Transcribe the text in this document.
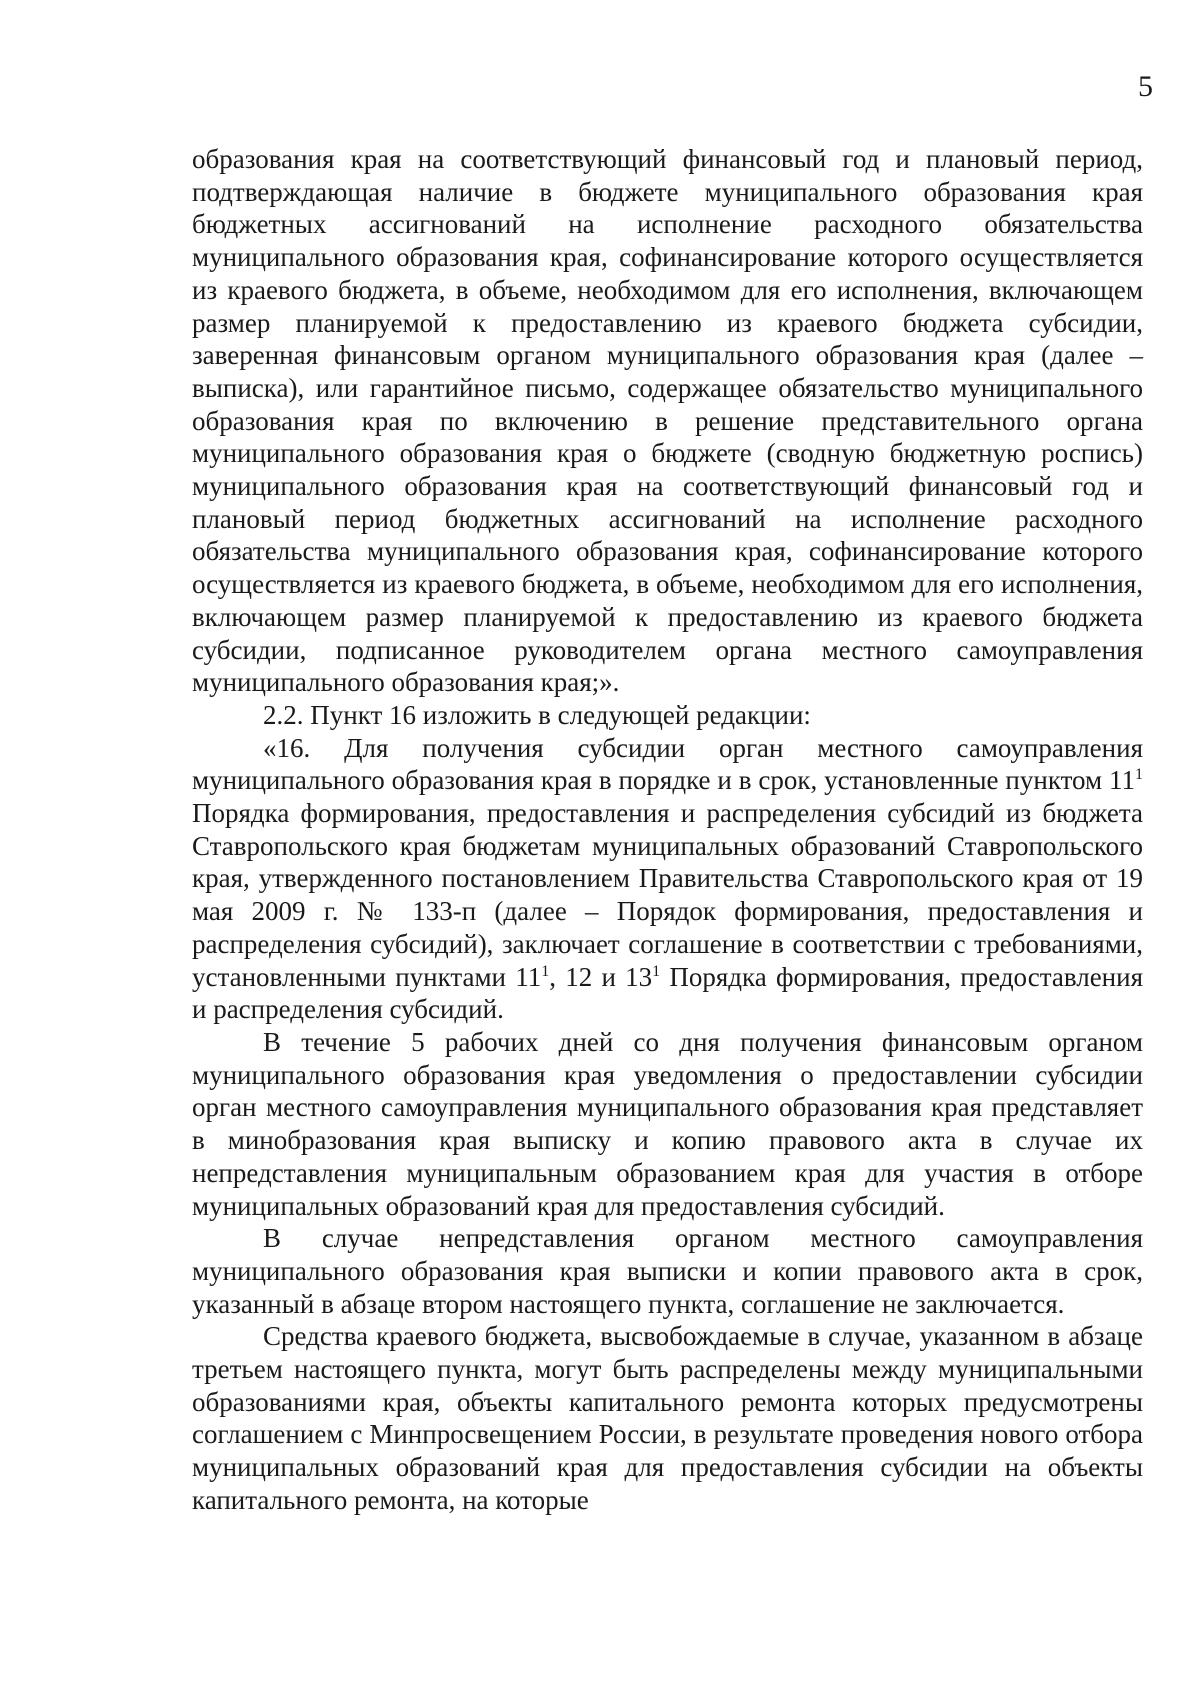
5

образования края на соответствующий финансовый год и плановый период, подтверждающая наличие в бюджете муниципального образования края бюджетных ассигнований на исполнение расходного обязательства муниципального образования края, софинансирование которого осуществляется из краевого бюджета, в объеме, необходимом для его исполнения, включающем размер планируемой к предоставлению из краевого бюджета субсидии, заверенная финансовым органом муниципального образования края (далее – выписка), или гарантийное письмо, содержащее обязательство муниципального образования края по включению в решение представительного органа муниципального образования края о бюджете (сводную бюджетную роспись) муниципального образования края на соответствующий финансовый год и плановый период бюджетных ассигнований на исполнение расходного обязательства муниципального образования края, софинансирование которого осуществляется из краевого бюджета, в объеме, необходимом для его исполнения, включающем размер планируемой к предоставлению из краевого бюджета субсидии, подписанное руководителем органа местного самоуправления муниципального образования края;».

2.2. Пункт 16 изложить в следующей редакции:

«16. Для получения субсидии орган местного самоуправления муниципального образования края в порядке и в срок, установленные пунктом $11^1$ Порядка формирования, предоставления и распределения субсидий из бюджета Ставропольского края бюджетам муниципальных образований Ставропольского края, утвержденного постановлением Правительства Ставропольского края от 19 мая 2009 г. № 133-п (далее – Порядок формирования, предоставления и распределения субсидий), заключает соглашение в соответствии с требованиями, установленными пунктами $11^1$, 12 и $13^1$ Порядка формирования, предоставления и распределения субсидий.

В течение 5 рабочих дней со дня получения финансовым органом муниципального образования края уведомления о предоставлении субсидии орган местного самоуправления муниципального образования края представляет в минобразования края выписку и копию правового акта в случае их непредставления муниципальным образованием края для участия в отборе муниципальных образований края для предоставления субсидий.

В случае непредставления органом местного самоуправления муниципального образования края выписки и копии правового акта в срок, указанный в абзаце втором настоящего пункта, соглашение не заключается.

Средства краевого бюджета, высвобождаемые в случае, указанном в абзаце третьем настоящего пункта, могут быть распределены между муниципальными образованиями края, объекты капитального ремонта которых предусмотрены соглашением с Минпросвещением России, в результате проведения нового отбора муниципальных образований края для предоставления субсидии на объекты капитального ремонта, на которые
